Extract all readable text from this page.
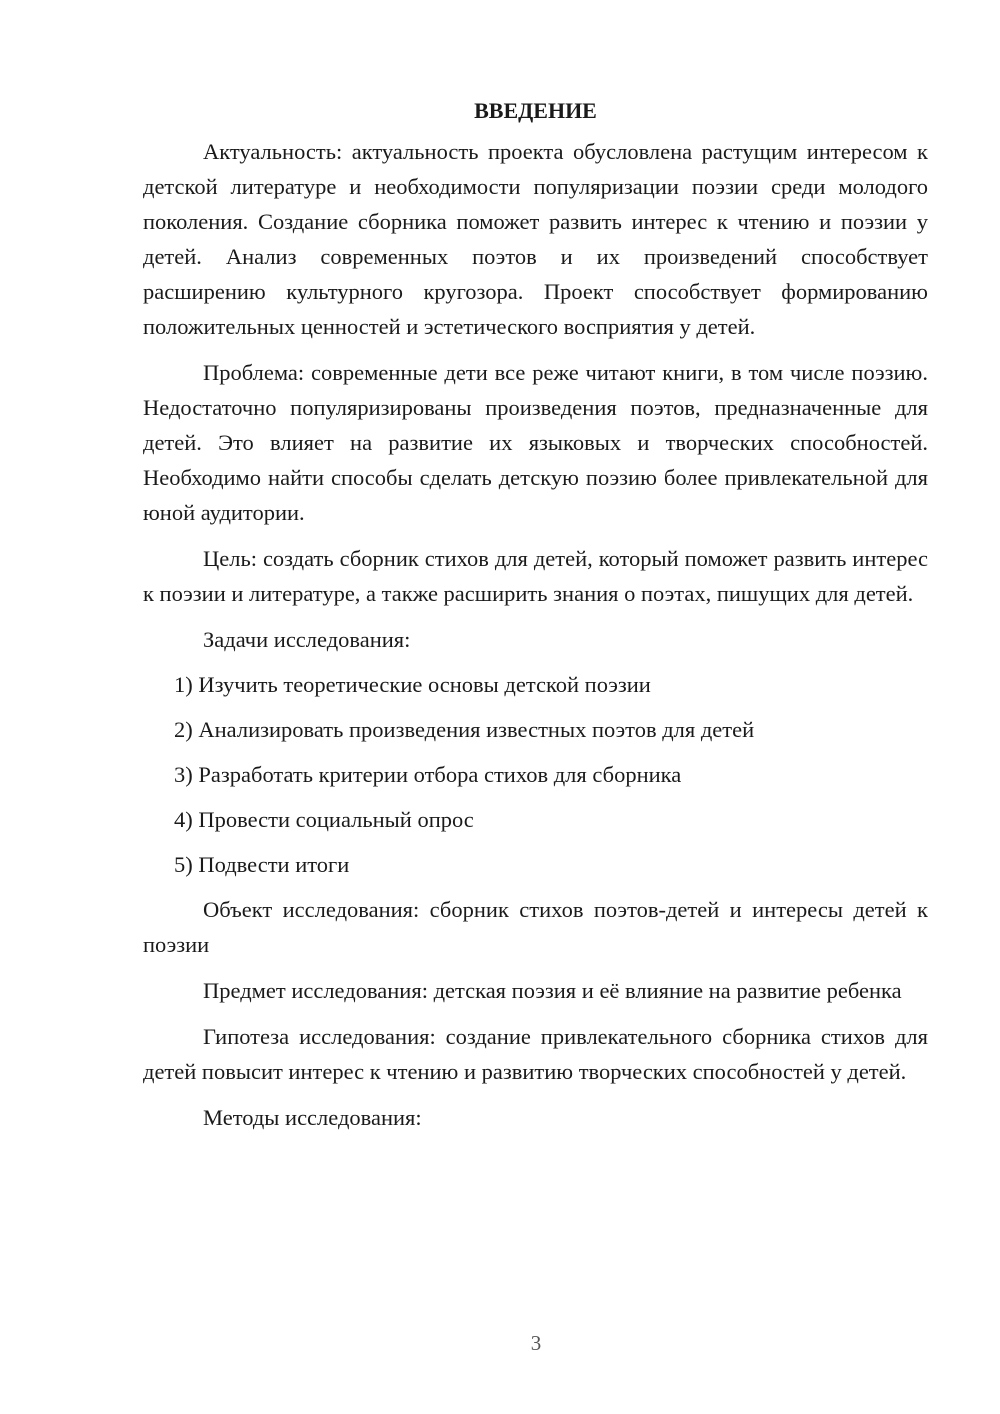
ВВЕДЕНИЕ

Актуальность: актуальность проекта обусловлена растущим интересом к детской литературе и необходимости популяризации поэзии среди молодого поколения. Создание сборника поможет развить интерес к чтению и поэзии у детей. Анализ современных поэтов и их произведений способствует расширению культурного кругозора. Проект способствует формированию положительных ценностей и эстетического восприятия у детей.

Проблема: современные дети все реже читают книги, в том числе поэзию. Недостаточно популяризированы произведения поэтов, предназначенные для детей. Это влияет на развитие их языковых и творческих способностей. Необходимо найти способы сделать детскую поэзию более привлекательной для юной аудитории.

Цель: создать сборник стихов для детей, который поможет развить интерес к поэзии и литературе, а также расширить знания о поэтах, пишущих для детей.

Задачи исследования:
1) Изучить теоретические основы детской поэзии
2) Анализировать произведения известных поэтов для детей
3) Разработать критерии отбора стихов для сборника
4) Провести социальный опрос
5) Подвести итоги

Объект исследования: сборник стихов поэтов-детей и интересы детей к поэзии

Предмет исследования: детская поэзия и её влияние на развитие ребенка

Гипотеза исследования: создание привлекательного сборника стихов для детей повысит интерес к чтению и развитию творческих способностей у детей.

Методы исследования:
3
